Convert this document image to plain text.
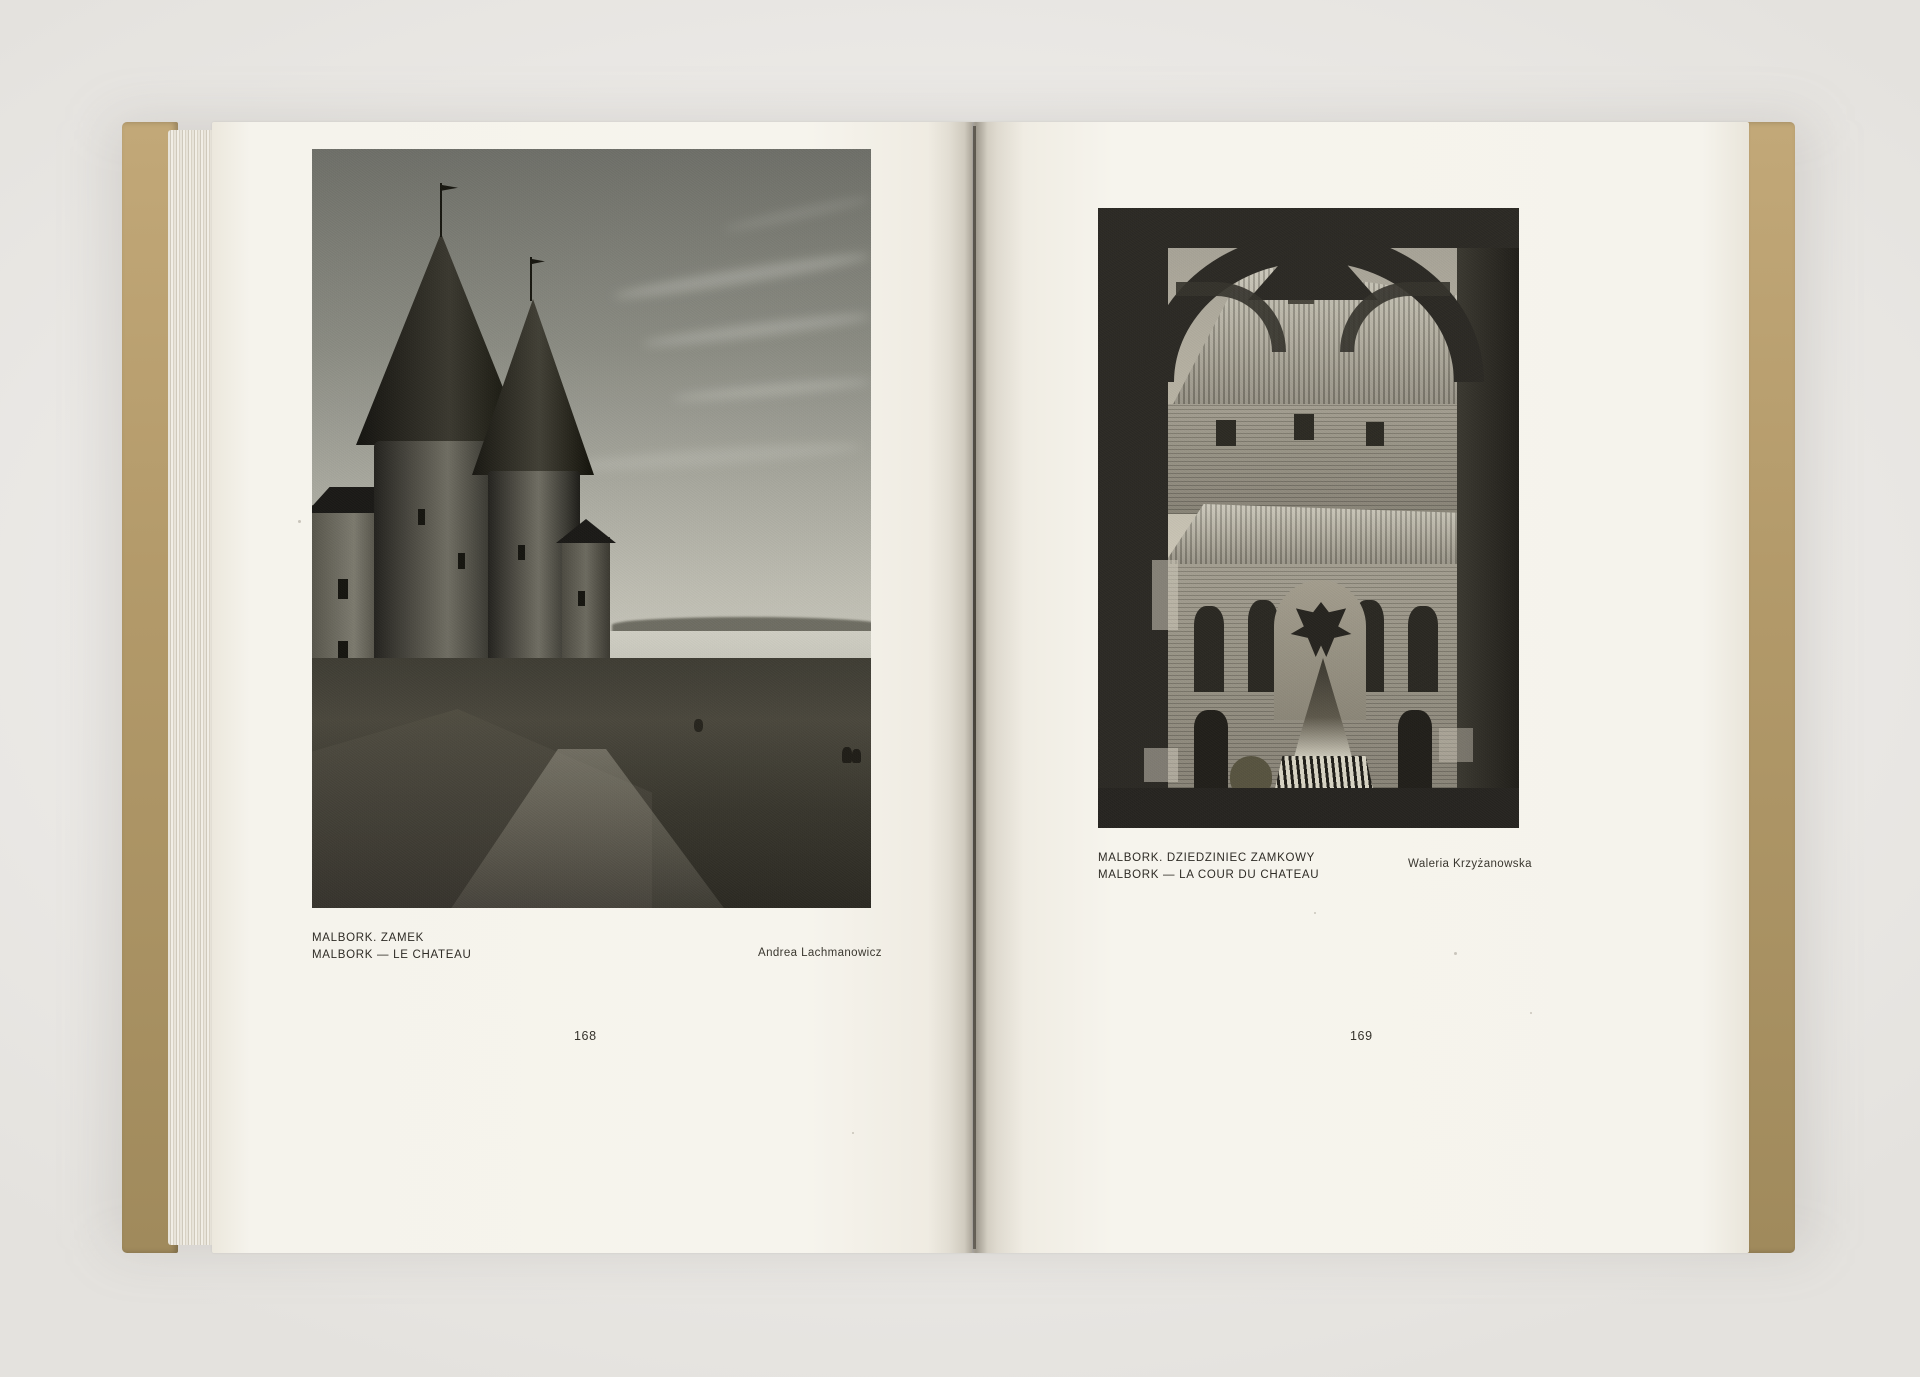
MALBORK. ZAMEK
MALBORK — LE CHATEAU	Andrea Lachmanowicz
168
MALBORK. DZIEDZINIEC ZAMKOWY
MALBORK — LA COUR DU CHATEAU
Waleria Krzyżanowska
169
